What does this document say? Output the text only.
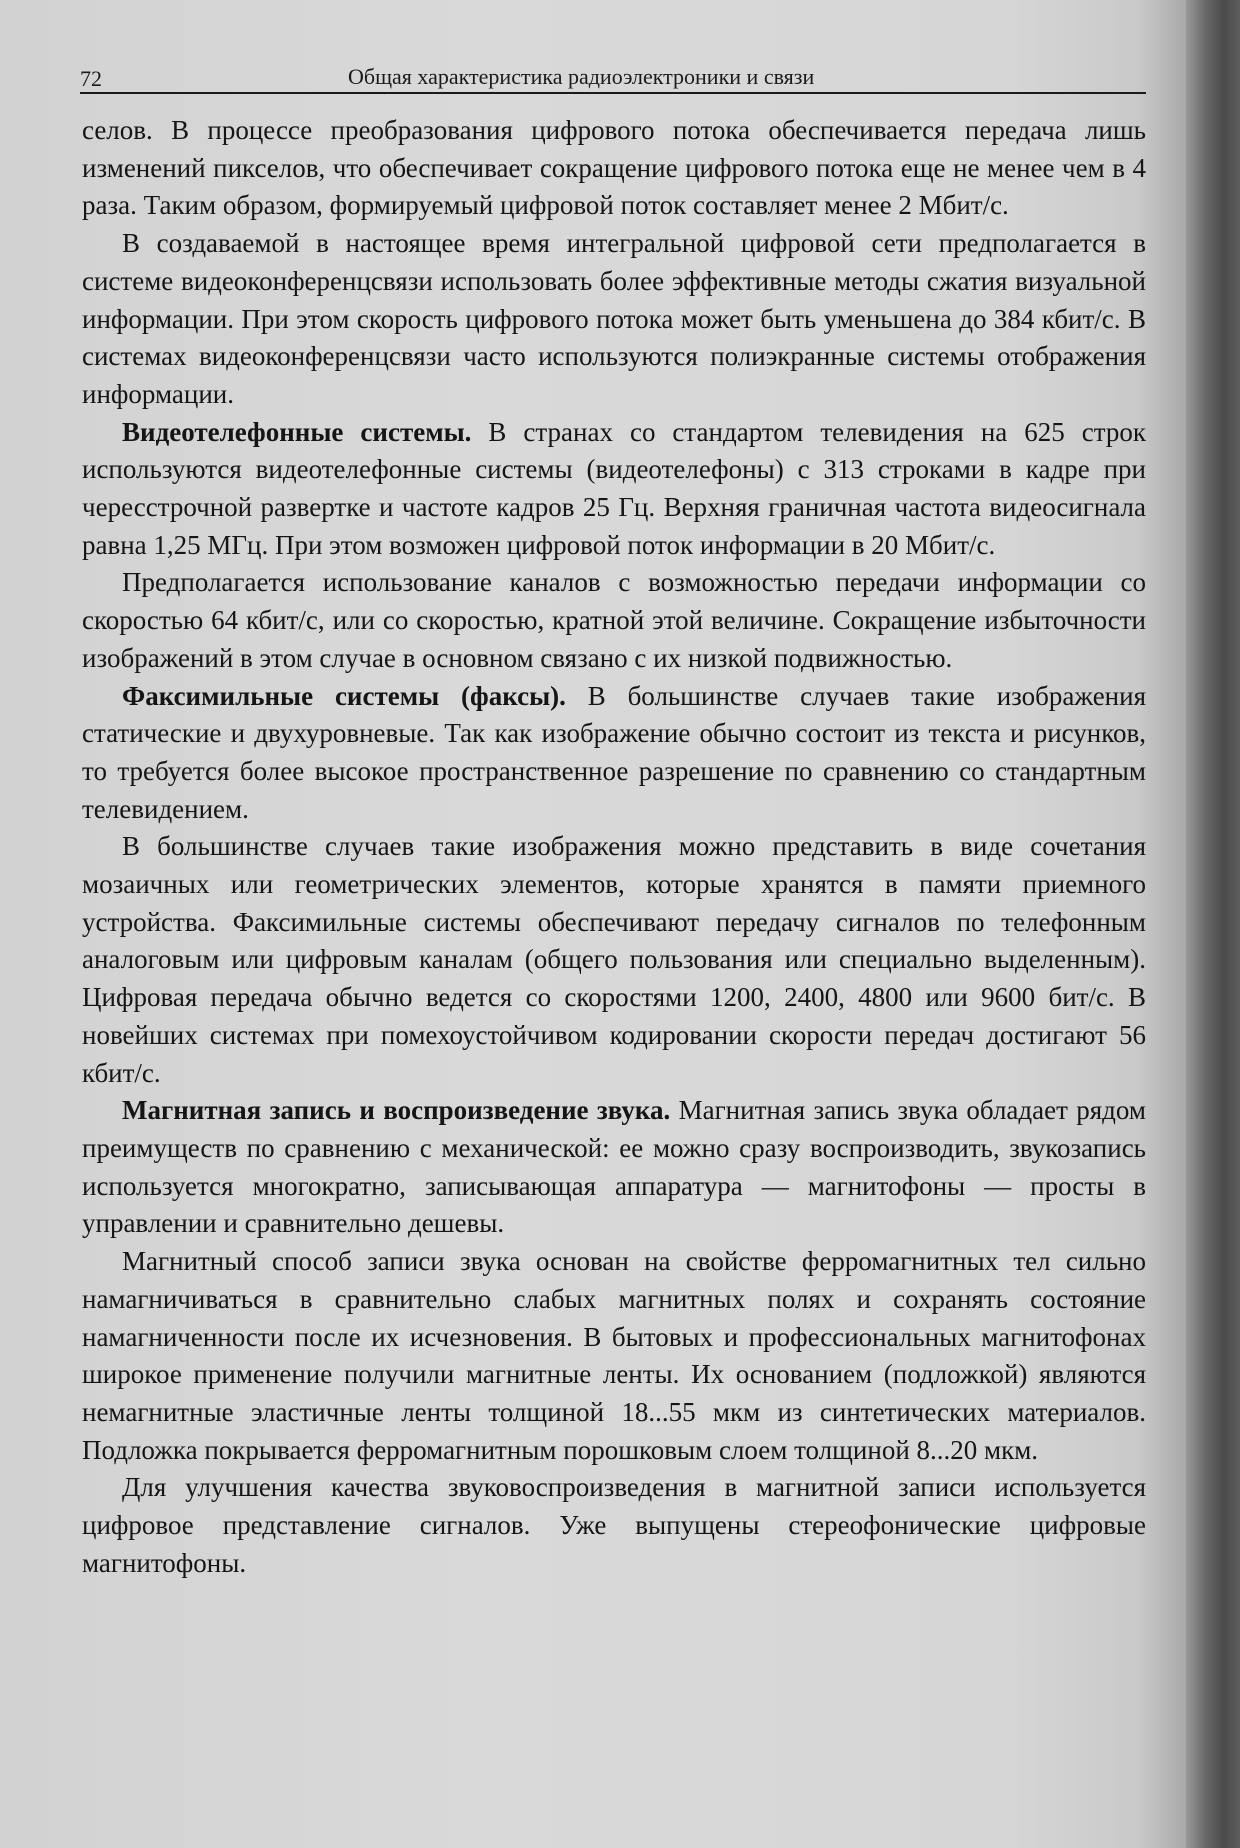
72	Общая характеристика радиоэлектроники и связи

селов. В процессе преобразования цифрового потока обеспечивается передача лишь изменений пикселов, что обеспечивает сокращение цифрового потока еще не менее чем в 4 раза. Таким образом, формируемый цифровой поток составляет менее 2 Мбит/с.

В создаваемой в настоящее время интегральной цифровой сети предполагается в системе видеоконференцсвязи использовать более эффективные методы сжатия визуальной информации. При этом скорость цифрового потока может быть уменьшена до 384 кбит/с. В системах видеоконференцсвязи часто используются полиэкранные системы отображения информации.

Видеотелефонные системы. В странах со стандартом телевидения на 625 строк используются видеотелефонные системы (видеотелефоны) с 313 строками в кадре при чересстрочной развертке и частоте кадров 25 Гц. Верхняя граничная частота видеосигнала равна 1,25 МГц. При этом возможен цифровой поток информации в 20 Мбит/с.

Предполагается использование каналов с возможностью передачи информации со скоростью 64 кбит/с, или со скоростью, кратной этой величине. Сокращение избыточности изображений в этом случае в основном связано с их низкой подвижностью.

Факсимильные системы (факсы). В большинстве случаев такие изображения статические и двухуровневые. Так как изображение обычно состоит из текста и рисунков, то требуется более высокое пространственное разрешение по сравнению со стандартным телевидением.

В большинстве случаев такие изображения можно представить в виде сочетания мозаичных или геометрических элементов, которые хранятся в памяти приемного устройства. Факсимильные системы обеспечивают передачу сигналов по телефонным аналоговым или цифровым каналам (общего пользования или специально выделенным). Цифровая передача обычно ведется со скоростями 1200, 2400, 4800 или 9600 бит/с. В новейших системах при помехоустойчивом кодировании скорости передач достигают 56 кбит/с.

Магнитная запись и воспроизведение звука. Магнитная запись звука обладает рядом преимуществ по сравнению с механической: ее можно сразу воспроизводить, звукозапись используется многократно, записывающая аппаратура — магнитофоны — просты в управлении и сравнительно дешевы.

Магнитный способ записи звука основан на свойстве ферромагнитных тел сильно намагничиваться в сравнительно слабых магнитных полях и сохранять состояние намагниченности после их исчезновения. В бытовых и профессиональных магнитофонах широкое применение получили магнитные ленты. Их основанием (подложкой) являются немагнитные эластичные ленты толщиной 18...55 мкм из синтетических материалов. Подложка покрывается ферромагнитным порошковым слоем толщиной 8...20 мкм.

Для улучшения качества звуковоспроизведения в магнитной записи используется цифровое представление сигналов. Уже выпущены стереофонические цифровые магнитофоны.
